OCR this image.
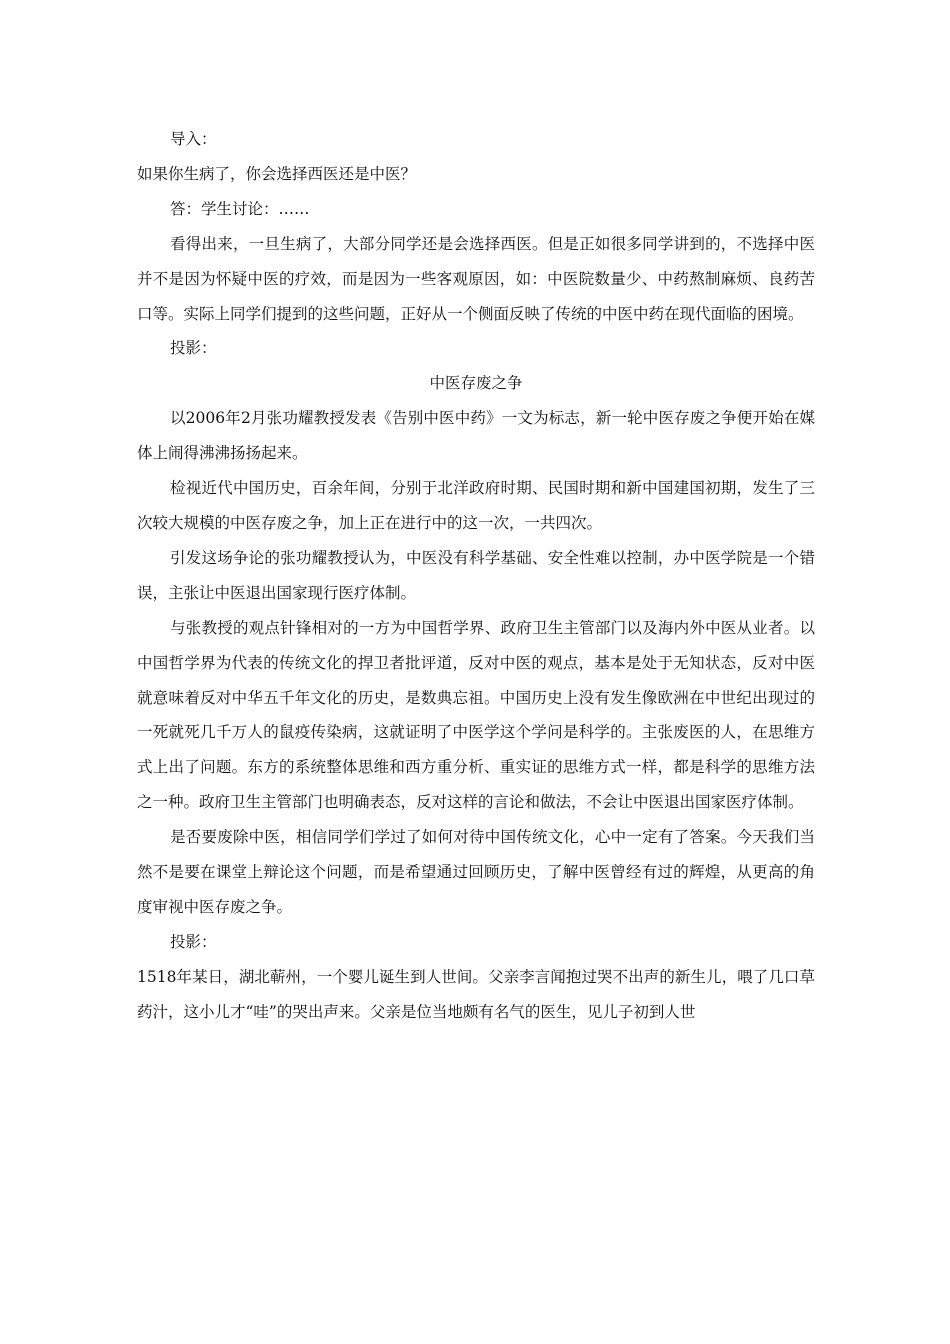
导入：

如果你生病了，你会选择西医还是中医？

答：学生讨论：……

看得出来，一旦生病了，大部分同学还是会选择西医。但是正如很多同学讲到的，不选择中医并不是因为怀疑中医的疗效，而是因为一些客观原因，如：中医院数量少、中药熬制麻烦、良药苦口等。实际上同学们提到的这些问题，正好从一个侧面反映了传统的中医中药在现代面临的困境。

投影：

中医存废之争

以2006年2月张功耀教授发表《告别中医中药》一文为标志，新一轮中医存废之争便开始在媒体上闹得沸沸扬扬起来。

检视近代中国历史，百余年间，分别于北洋政府时期、民国时期和新中国建国初期，发生了三次较大规模的中医存废之争，加上正在进行中的这一次，一共四次。

引发这场争论的张功耀教授认为，中医没有科学基础、安全性难以控制，办中医学院是一个错误，主张让中医退出国家现行医疗体制。

与张教授的观点针锋相对的一方为中国哲学界、政府卫生主管部门以及海内外中医从业者。以中国哲学界为代表的传统文化的捍卫者批评道，反对中医的观点，基本是处于无知状态，反对中医就意味着反对中华五千年文化的历史，是数典忘祖。中国历史上没有发生像欧洲在中世纪出现过的一死就死几千万人的鼠疫传染病，这就证明了中医学这个学问是科学的。主张废医的人，在思维方式上出了问题。东方的系统整体思维和西方重分析、重实证的思维方式一样，都是科学的思维方法之一种。政府卫生主管部门也明确表态，反对这样的言论和做法，不会让中医退出国家医疗体制。

是否要废除中医，相信同学们学过了如何对待中国传统文化，心中一定有了答案。今天我们当然不是要在课堂上辩论这个问题，而是希望通过回顾历史，了解中医曾经有过的辉煌，从更高的角度审视中医存废之争。

投影：

1518年某日，湖北蕲州，一个婴儿诞生到人世间。父亲李言闻抱过哭不出声的新生儿，喂了几口草药汁，这小儿才“哇”的哭出声来。父亲是位当地颇有名气的医生，见儿子初到人世
